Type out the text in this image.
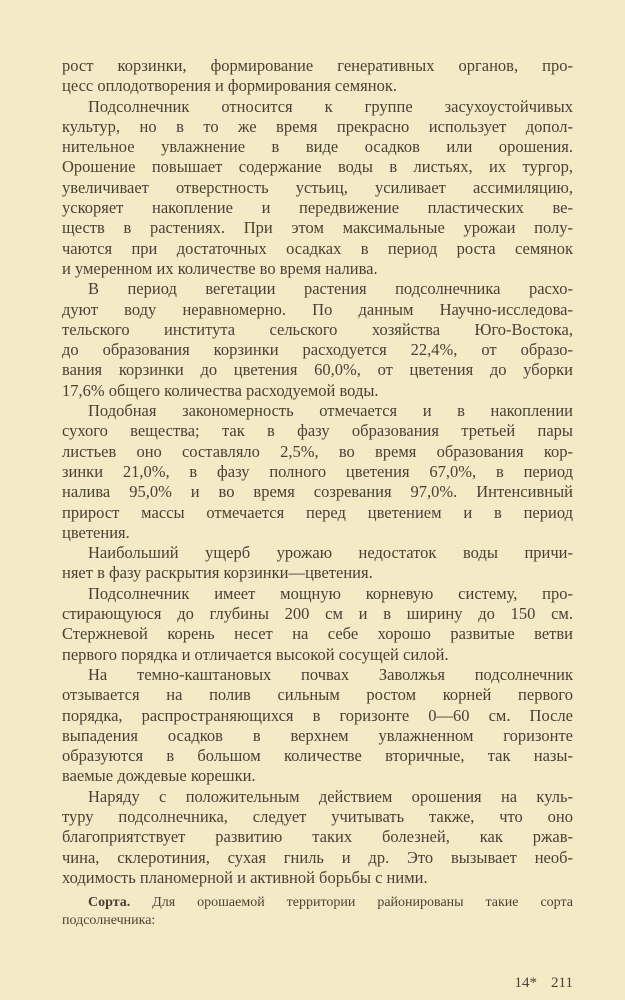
рост корзинки, формирование генеративных органов, про-
цесс оплодотворения и формирования семянок.
Подсолнечник относится к группе засухоустойчивых
культур, но в то же время прекрасно использует допол-
нительное увлажнение в виде осадков или орошения.
Орошение повышает содержание воды в листьях, их тургор,
увеличивает отверстность устьиц, усиливает ассимиляцию,
ускоряет накопление и передвижение пластических ве-
ществ в растениях. При этом максимальные урожаи полу-
чаются при достаточных осадках в период роста семянок
и умеренном их количестве во время налива.
В период вегетации растения подсолнечника расхо-
дуют воду неравномерно. По данным Научно-исследова-
тельского института сельского хозяйства Юго-Востока,
до образования корзинки расходуется 22,4%, от образо-
вания корзинки до цветения 60,0%, от цветения до уборки
17,6% общего количества расходуемой воды.
Подобная закономерность отмечается и в накоплении
сухого вещества; так в фазу образования третьей пары
листьев оно составляло 2,5%, во время образования кор-
зинки 21,0%, в фазу полного цветения 67,0%, в период
налива 95,0% и во время созревания 97,0%. Интенсивный
прирост массы отмечается перед цветением и в период
цветения.
Наибольший ущерб урожаю недостаток воды причи-
няет в фазу раскрытия корзинки—цветения.
Подсолнечник имеет мощную корневую систему, про-
стирающуюся до глубины 200 см и в ширину до 150 см.
Стержневой корень несет на себе хорошо развитые ветви
первого порядка и отличается высокой сосущей силой.
На темно-каштановых почвах Заволжья подсолнечник
отзывается на полив сильным ростом корней первого
порядка, распространяющихся в горизонте 0—60 см. После
выпадения осадков в верхнем увлажненном горизонте
образуются в большом количестве вторичные, так назы-
ваемые дождевые корешки.
Наряду с положительным действием орошения на куль-
туру подсолнечника, следует учитывать также, что оно
благоприятствует развитию таких болезней, как ржав-
чина, склеротиния, сухая гниль и др. Это вызывает необ-
ходимость планомерной и активной борьбы с ними.
Сорта. Для орошаемой территории районированы такие сорта
подсолнечника:
14* 211
